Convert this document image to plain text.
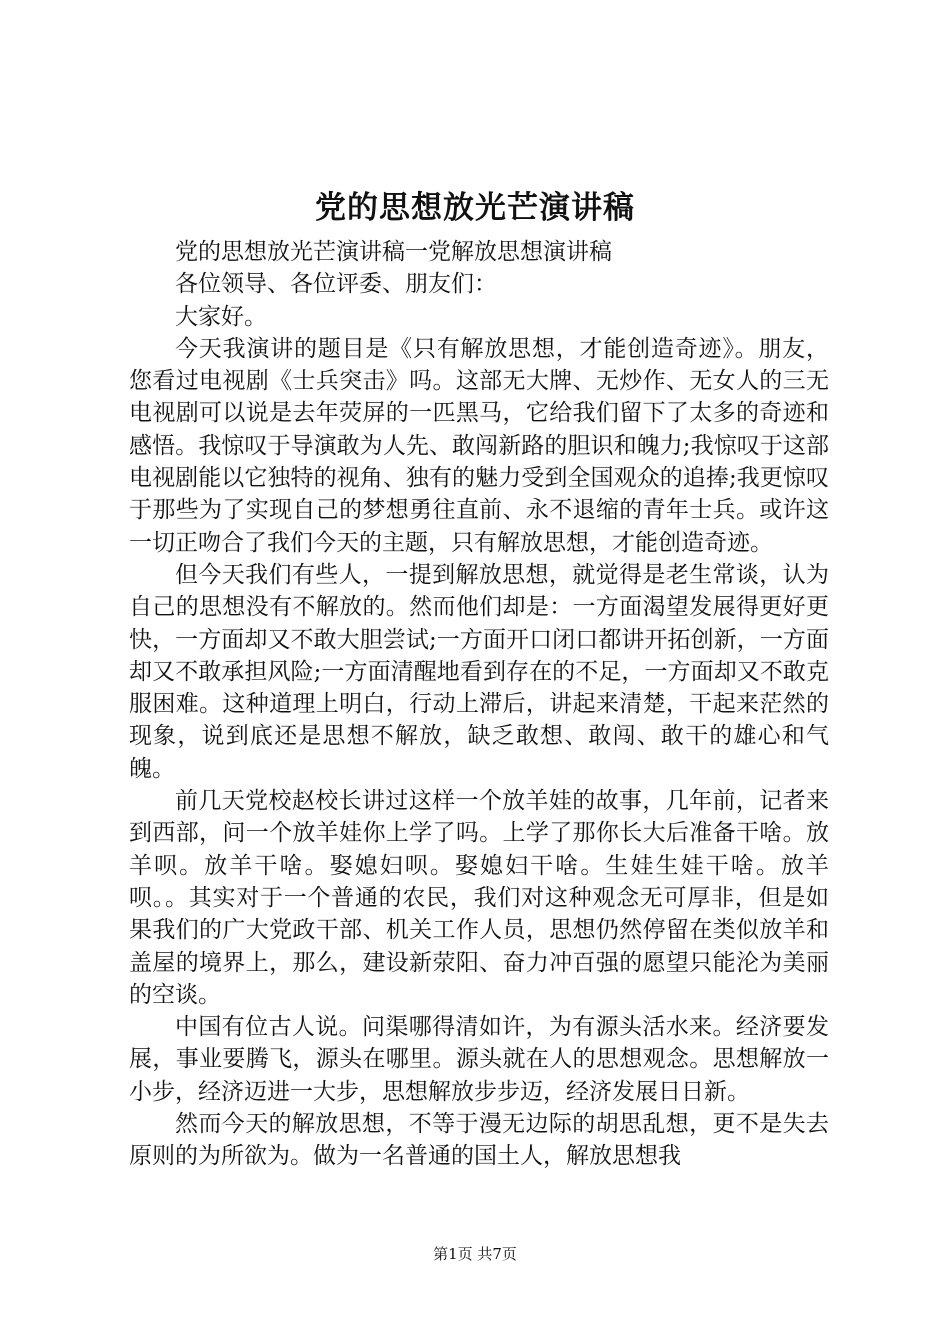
党的思想放光芒演讲稿

党的思想放光芒演讲稿一党解放思想演讲稿

各位领导、各位评委、朋友们：

大家好。

今天我演讲的题目是《只有解放思想，才能创造奇迹》。朋友，您看过电视剧《士兵突击》吗。这部无大牌、无炒作、无女人的三无电视剧可以说是去年荧屏的一匹黑马，它给我们留下了太多的奇迹和感悟。我惊叹于导演敢为人先、敢闯新路的胆识和魄力;我惊叹于这部电视剧能以它独特的视角、独有的魅力受到全国观众的追捧;我更惊叹于那些为了实现自己的梦想勇往直前、永不退缩的青年士兵。或许这一切正吻合了我们今天的主题，只有解放思想，才能创造奇迹。

但今天我们有些人，一提到解放思想，就觉得是老生常谈，认为自己的思想没有不解放的。然而他们却是：一方面渴望发展得更好更快，一方面却又不敢大胆尝试;一方面开口闭口都讲开拓创新，一方面却又不敢承担风险;一方面清醒地看到存在的不足，一方面却又不敢克服困难。这种道理上明白，行动上滞后，讲起来清楚，干起来茫然的现象，说到底还是思想不解放，缺乏敢想、敢闯、敢干的雄心和气魄。

前几天党校赵校长讲过这样一个放羊娃的故事，几年前，记者来到西部，问一个放羊娃你上学了吗。上学了那你长大后准备干啥。放羊呗。放羊干啥。娶媳妇呗。娶媳妇干啥。生娃生娃干啥。放羊呗。。其实对于一个普通的农民，我们对这种观念无可厚非，但是如果我们的广大党政干部、机关工作人员，思想仍然停留在类似放羊和盖屋的境界上，那么，建设新荥阳、奋力冲百强的愿望只能沦为美丽的空谈。

中国有位古人说。问渠哪得清如许，为有源头活水来。经济要发展，事业要腾飞，源头在哪里。源头就在人的思想观念。思想解放一小步，经济迈进一大步，思想解放步步迈，经济发展日日新。

然而今天的解放思想，不等于漫无边际的胡思乱想，更不是失去原则的为所欲为。做为一名普通的国土人，解放思想我

第1页 共7页
